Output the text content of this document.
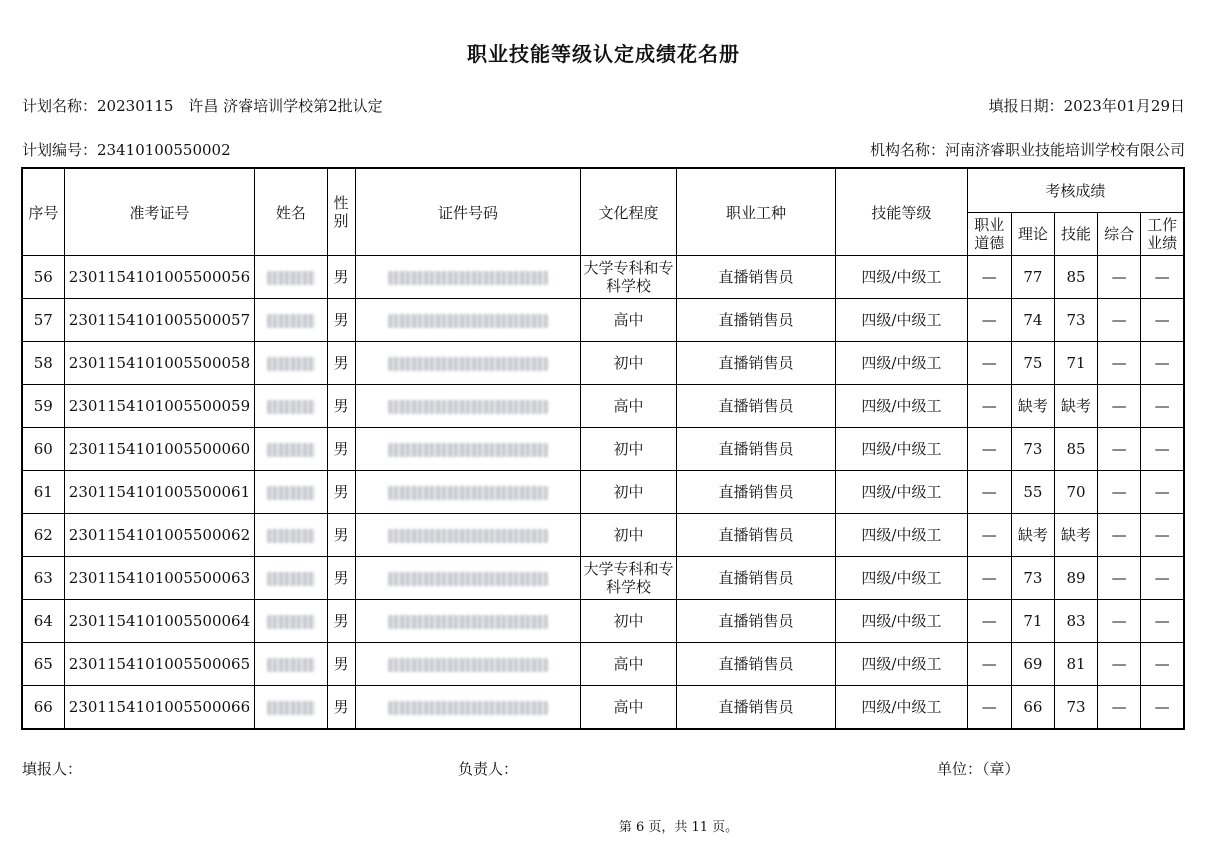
职业技能等级认定成绩花名册
计划名称：20230115　许昌 济睿培训学校第2批认定	填报日期：2023年01月29日
计划编号：23410100550002	机构名称：河南济睿职业技能培训学校有限公司
序号	准考证号	姓名	性别	证件号码	文化程度	职业工种	技能等级	考核成绩				
								职业道德	理论	技能	综合	工作业绩
56	2301154101005500056		男		大学专科和专科学校	直播销售员	四级/中级工	—	77	85	—	—
57	2301154101005500057		男		高中	直播销售员	四级/中级工	—	74	73	—	—
58	2301154101005500058		男		初中	直播销售员	四级/中级工	—	75	71	—	—
59	2301154101005500059		男		高中	直播销售员	四级/中级工	—	缺考	缺考	—	—
60	2301154101005500060		男		初中	直播销售员	四级/中级工	—	73	85	—	—
61	2301154101005500061		男		初中	直播销售员	四级/中级工	—	55	70	—	—
62	2301154101005500062		男		初中	直播销售员	四级/中级工	—	缺考	缺考	—	—
63	2301154101005500063		男		大学专科和专科学校	直播销售员	四级/中级工	—	73	89	—	—
64	2301154101005500064		男		初中	直播销售员	四级/中级工	—	71	83	—	—
65	2301154101005500065		男		高中	直播销售员	四级/中级工	—	69	81	—	—
66	2301154101005500066		男		高中	直播销售员	四级/中级工	—	66	73	—	—
填报人：	负责人：	单位：（章）
第 6 页，共 11 页。
